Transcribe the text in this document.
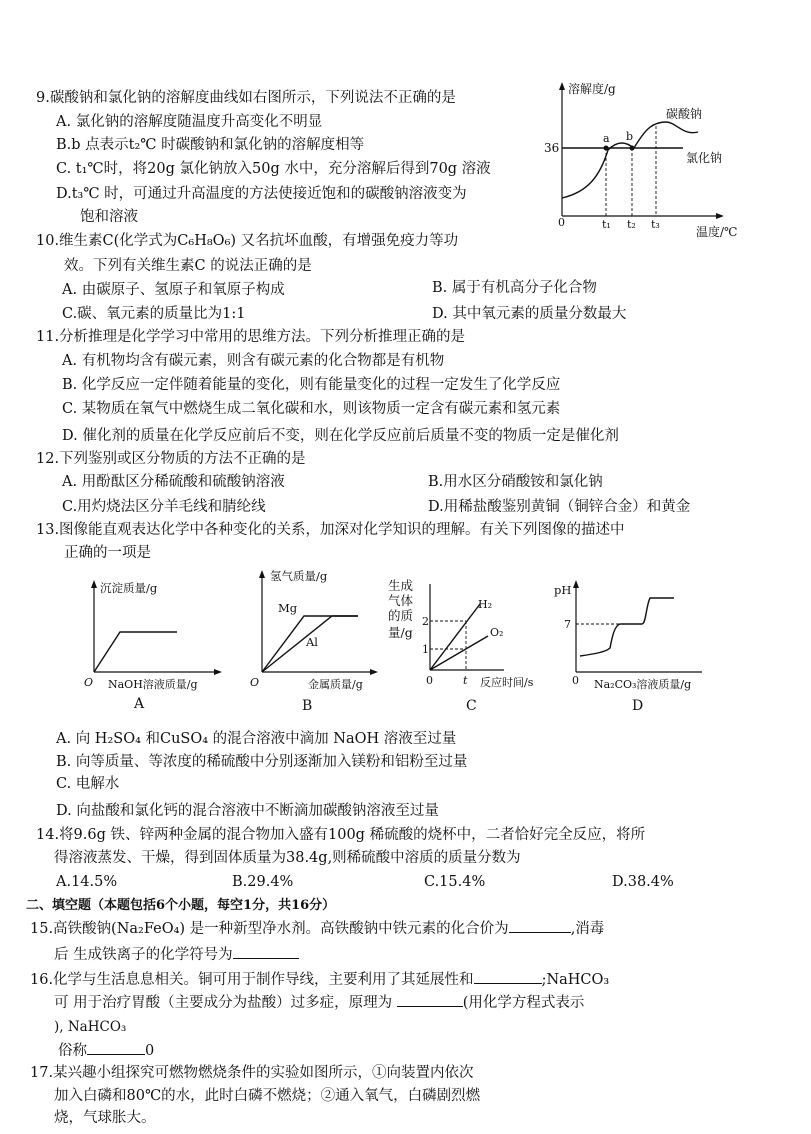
9.碳酸钠和氯化钠的溶解度曲线如右图所示，下列说法不正确的是
A. 氯化钠的溶解度随温度升高变化不明显
B.b 点表示t₂℃ 时碳酸钠和氯化钠的溶解度相等
C. t₁℃时，将20g 氯化钠放入50g 水中，充分溶解后得到70g 溶液
D.t₃℃ 时，可通过升高温度的方法使接近饱和的碳酸钠溶液变为
饱和溶液
溶解度/g
温度/℃
0
36
a b
碳酸钠
氯化钠
t₁ t₂ t₃
10.维生素C(化学式为C₆H₈O₆) 又名抗坏血酸，有增强免疫力等功
效。下列有关维生素C 的说法正确的是
A. 由碳原子、氢原子和氧原子构成	B. 属于有机高分子化合物
C.碳、氧元素的质量比为1:1	D. 其中氧元素的质量分数最大
11.分析推理是化学学习中常用的思维方法。下列分析推理正确的是
A. 有机物均含有碳元素，则含有碳元素的化合物都是有机物
B. 化学反应一定伴随着能量的变化，则有能量变化的过程一定发生了化学反应
C. 某物质在氧气中燃烧生成二氧化碳和水，则该物质一定含有碳元素和氢元素
D. 催化剂的质量在化学反应前后不变，则在化学反应前后质量不变的物质一定是催化剂
12.下列鉴别或区分物质的方法不正确的是
A. 用酚酞区分稀硫酸和硫酸钠溶液	B.用水区分硝酸铵和氯化钠
C.用灼烧法区分羊毛线和腈纶线	D.用稀盐酸鉴别黄铜（铜锌合金）和黄金
13.图像能直观表达化学中各种变化的关系，加深对化学知识的理解。有关下列图像的描述中
正确的一项是
沉淀质量/g
O NaOH溶液质量/g
氢气质量/g
O	金属质量/g
Mg
Al
生成
气体
的质
量/g
2
1
0	t 反应时间/s
H₂
O₂
pH
7
0 Na₂CO₃溶液质量/g
A	B	C	D
A. 向 H₂SO₄ 和CuSO₄ 的混合溶液中滴加 NaOH 溶液至过量
B. 向等质量、等浓度的稀硫酸中分别逐渐加入镁粉和铝粉至过量
C. 电解水
D. 向盐酸和氯化钙的混合溶液中不断滴加碳酸钠溶液至过量
14.将9.6g 铁、锌两种金属的混合物加入盛有100g 稀硫酸的烧杯中，二者恰好完全反应，将所
得溶液蒸发、干燥，得到固体质量为38.4g,则稀硫酸中溶质的质量分数为
A.14.5%	B.29.4%	C.15.4%	D.38.4%
二、填空题（本题包括6个小题，每空1分，共16分）
15.高铁酸钠(Na₂FeO₄) 是一种新型净水剂。高铁酸钠中铁元素的化合价为	,消毒
后 生成铁离子的化学符号为
16.化学与生活息息相关。铜可用于制作导线，主要利用了其延展性和	;NaHCO₃
可 用于治疗胃酸（主要成分为盐酸）过多症，原理为	(用化学方程式表示
), NaHCO₃
俗称	0
17.某兴趣小组探究可燃物燃烧条件的实验如图所示，①向装置内依次
加入白磷和80℃的水，此时白磷不燃烧；②通入氧气，白磷剧烈燃
烧，气球胀大。
